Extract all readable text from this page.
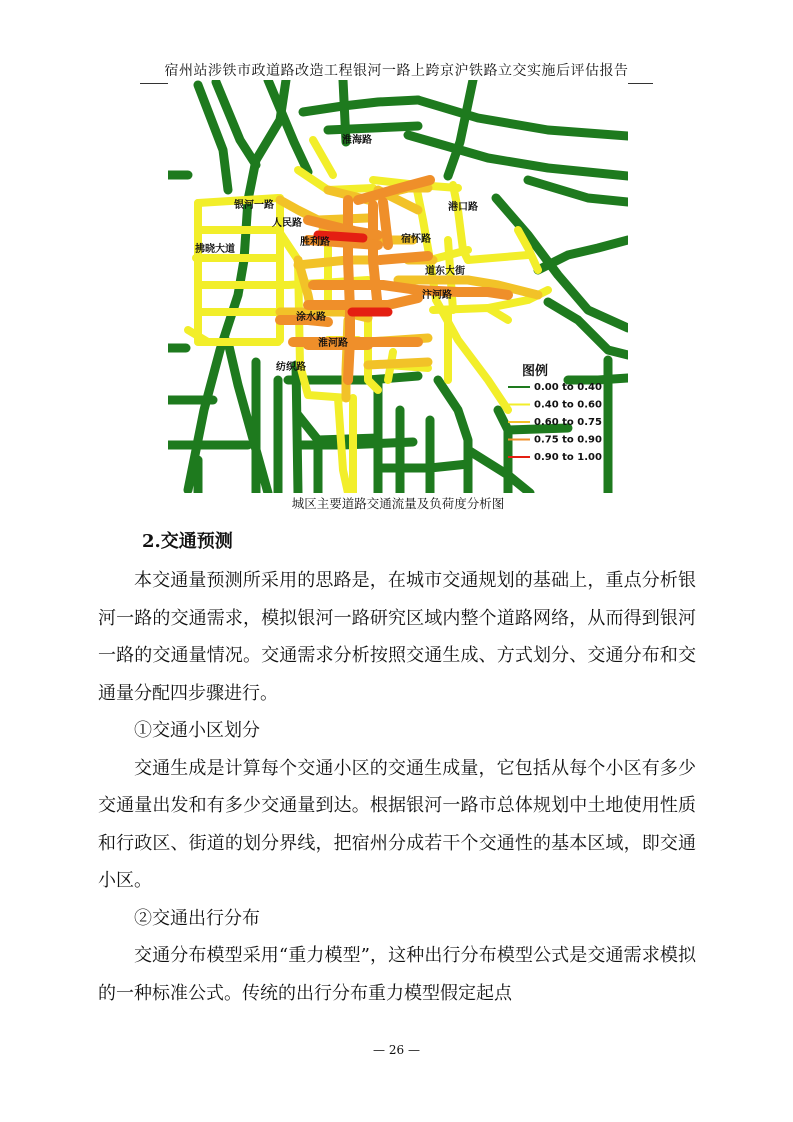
宿州站涉铁市政道路改造工程银河一路上跨京沪铁路立交实施后评估报告
淮海路
银河一路
人民路
胜利路
拂晓大道
宿怀路
港口路
道东大街
汴河路
涂水路
淮河路
纺织路	图例
0.00 to 0.40
0.40 to 0.60
0.60 to 0.75
0.75 to 0.90
0.90 to 1.00
城区主要道路交通流量及负荷度分析图
2.交通预测

本交通量预测所采用的思路是，在城市交通规划的基础上，重点分析银河一路的交通需求，模拟银河一路研究区域内整个道路网络，从而得到银河一路的交通量情况。交通需求分析按照交通生成、方式划分、交通分布和交通量分配四步骤进行。

①交通小区划分

交通生成是计算每个交通小区的交通生成量，它包括从每个小区有多少交通量出发和有多少交通量到达。根据银河一路市总体规划中土地使用性质和行政区、街道的划分界线，把宿州分成若干个交通性的基本区域，即交通小区。

②交通出行分布

交通分布模型采用“重力模型”，这种出行分布模型公式是交通需求模拟的一种标准公式。传统的出行分布重力模型假定起点

— 26 —
